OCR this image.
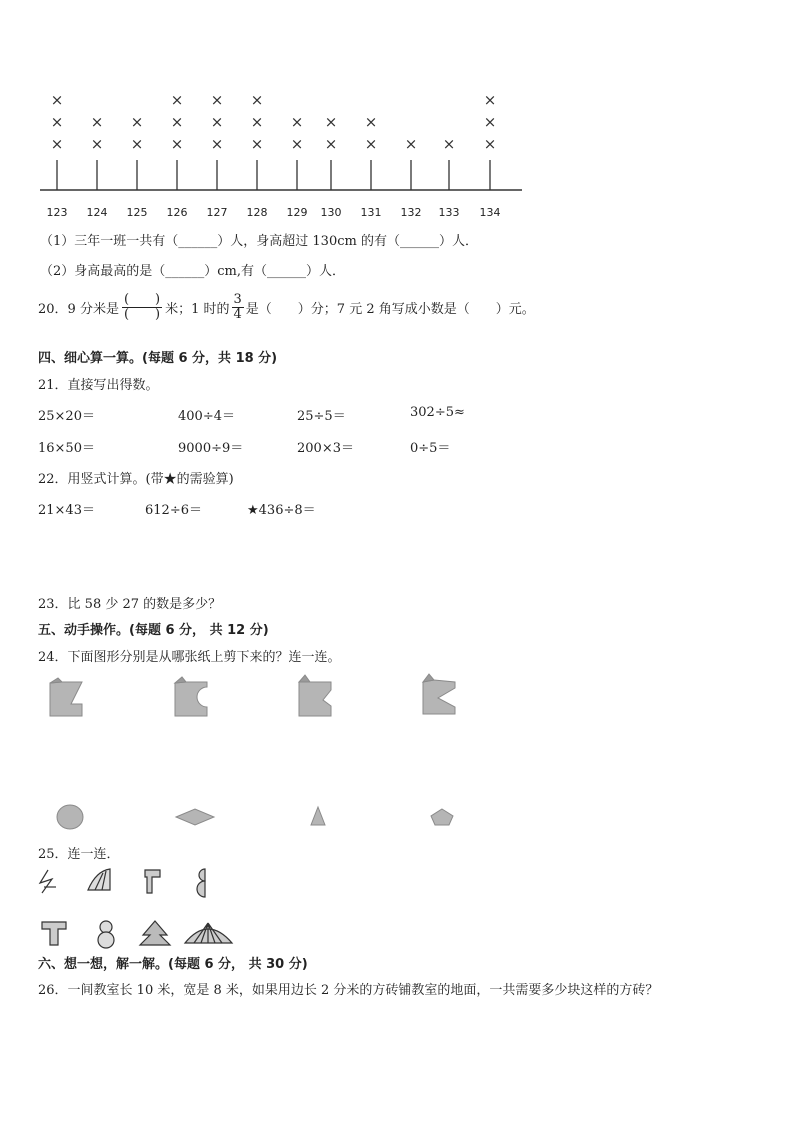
123
×
×
×
124
×
×
125
×
×
126
×
×
×
127
×
×
×
128
×
×
×
129
×
×
130
×
×
131
×
×
132
×
133
×
134
×
×
×
（1）三年一班一共有（______）人，身高超过 130cm 的有（______）人．
（2）身高最高的是（______）cm,有（______）人．
20．9 分米是 $\frac{( )}{( )}$ 米；1 时的 $\frac{3}{4}$ 是（　　）分；7 元 2 角写成小数是（　　）元。
四、细心算一算。(每题 6 分，共 18 分)
21．直接写出得数。
25×20＝	400÷4＝	25÷5＝	302÷5≈
16×50＝	9000÷9＝	200×3＝	0÷5＝
22．用竖式计算。(带★的需验算)
21×43＝	612÷6＝	★436÷8＝
23．比 58 少 27 的数是多少？
五、动手操作。(每题 6 分， 共 12 分)
24．下面图形分别是从哪张纸上剪下来的？连一连。
25．连一连．
六、想一想，解一解。(每题 6 分， 共 30 分)
26．一间教室长 10 米，宽是 8 米，如果用边长 2 分米的方砖铺教室的地面，一共需要多少块这样的方砖？
